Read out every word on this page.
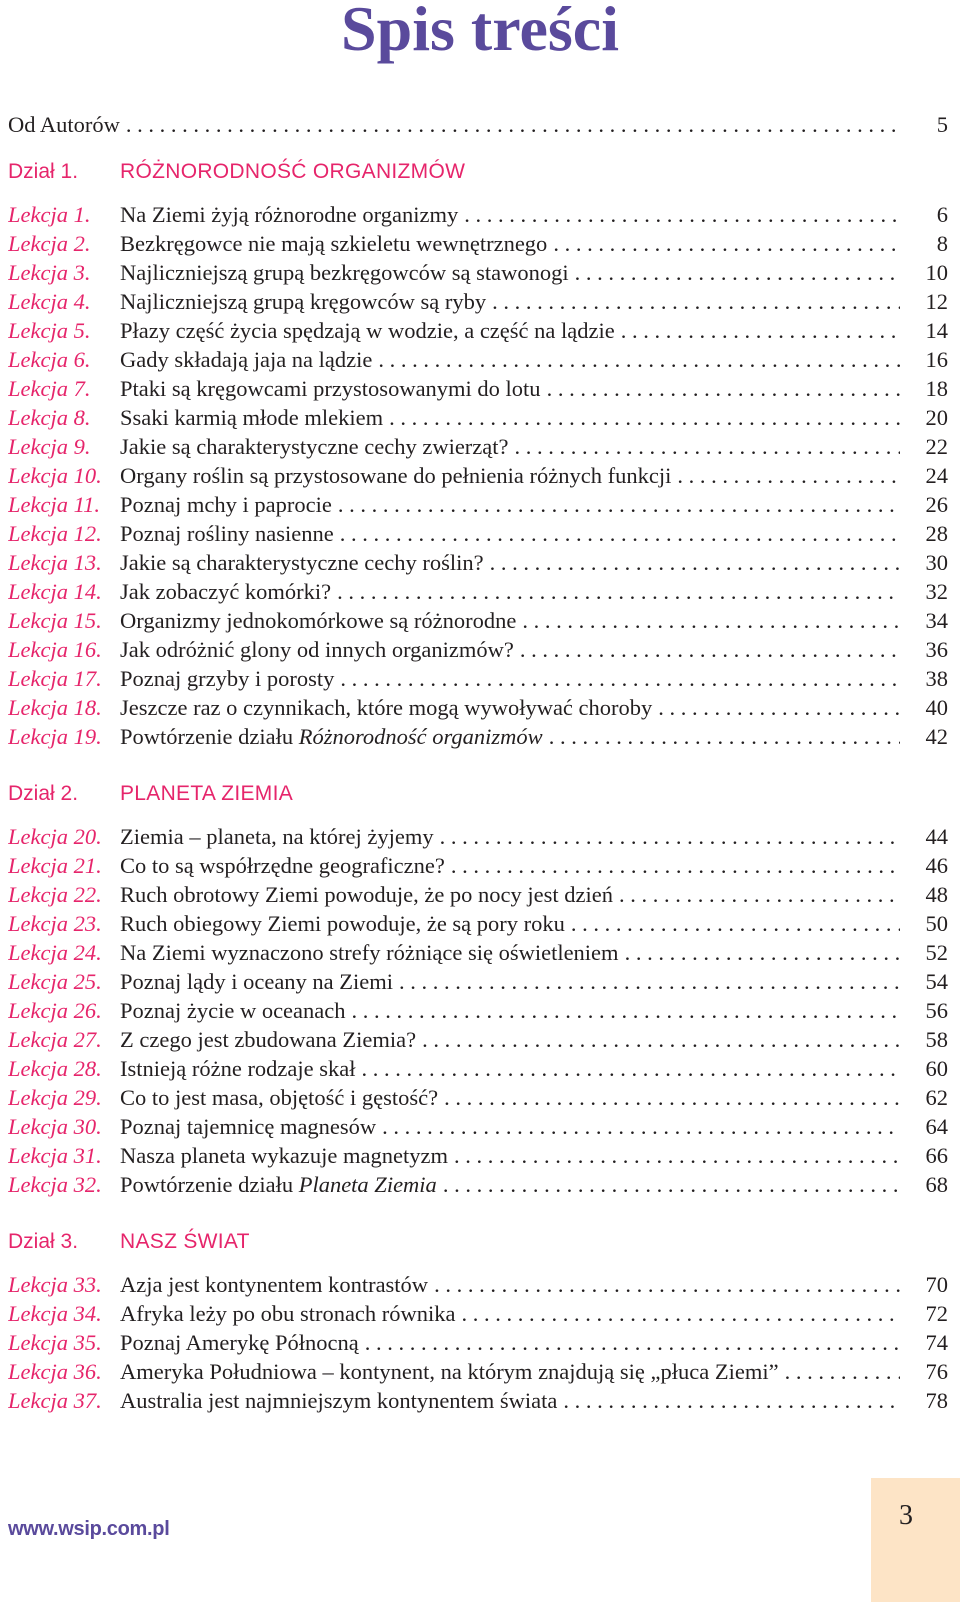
Spis treści
Od Autorów . . .	5
Dział 1.	RÓŻNORODNOŚĆ ORGANIZMÓW
Lekcja 1.	Na Ziemi żyją różnorodne organizmy . . .	6
Lekcja 2.	Bezkręgowce nie mają szkieletu wewnętrznego . . .	8
Lekcja 3.	Najliczniejszą grupą bezkręgowców są stawonogi . . .	10
Lekcja 4.	Najliczniejszą grupą kręgowców są ryby . . .	12
Lekcja 5.	Płazy część życia spędzają w wodzie, a część na lądzie . . .	14
Lekcja 6.	Gady składają jaja na lądzie . . .	16
Lekcja 7.	Ptaki są kręgowcami przystosowanymi do lotu . . .	18
Lekcja 8.	Ssaki karmią młode mlekiem . . .	20
Lekcja 9.	Jakie są charakterystyczne cechy zwierząt? . . .	22
Lekcja 10. Organy roślin są przystosowane do pełnienia różnych funkcji . . .	24
Lekcja 11. Poznaj mchy i paprocie . . .	26
Lekcja 12. Poznaj rośliny nasienne . . .	28
Lekcja 13. Jakie są charakterystyczne cechy roślin? . . .	30
Lekcja 14. Jak zobaczyć komórki? . . .	32
Lekcja 15. Organizmy jednokomórkowe są różnorodne . . .	34
Lekcja 16. Jak odróżnić glony od innych organizmów? . . .	36
Lekcja 17. Poznaj grzyby i porosty . . .	38
Lekcja 18. Jeszcze raz o czynnikach, które mogą wywoływać choroby . . .	40
Lekcja 19. Powtórzenie działu Różnorodność organizmów . . .	42
Dział 2.	PLANETA ZIEMIA
Lekcja 20. Ziemia – planeta, na której żyjemy . . .	44
Lekcja 21. Co to są współrzędne geograficzne? . . .	46
Lekcja 22. Ruch obrotowy Ziemi powoduje, że po nocy jest dzień . . .	48
Lekcja 23. Ruch obiegowy Ziemi powoduje, że są pory roku . . .	50
Lekcja 24. Na Ziemi wyznaczono strefy różniące się oświetleniem . . .	52
Lekcja 25. Poznaj lądy i oceany na Ziemi . . .	54
Lekcja 26. Poznaj życie w oceanach . . .	56
Lekcja 27. Z czego jest zbudowana Ziemia? . . .	58
Lekcja 28. Istnieją różne rodzaje skał . . .	60
Lekcja 29. Co to jest masa, objętość i gęstość? . . .	62
Lekcja 30. Poznaj tajemnicę magnesów . . .	64
Lekcja 31. Nasza planeta wykazuje magnetyzm . . .	66
Lekcja 32. Powtórzenie działu Planeta Ziemia . . .	68
Dział 3.	NASZ ŚWIAT
Lekcja 33. Azja jest kontynentem kontrastów . . .	70
Lekcja 34. Afryka leży po obu stronach równika . . .	72
Lekcja 35. Poznaj Amerykę Północną . . .	74
Lekcja 36. Ameryka Południowa – kontynent, na którym znajdują się „płuca Ziemi” . . .	76
Lekcja 37. Australia jest najmniejszym kontynentem świata . . .	78
www.wsip.com.pl	3
